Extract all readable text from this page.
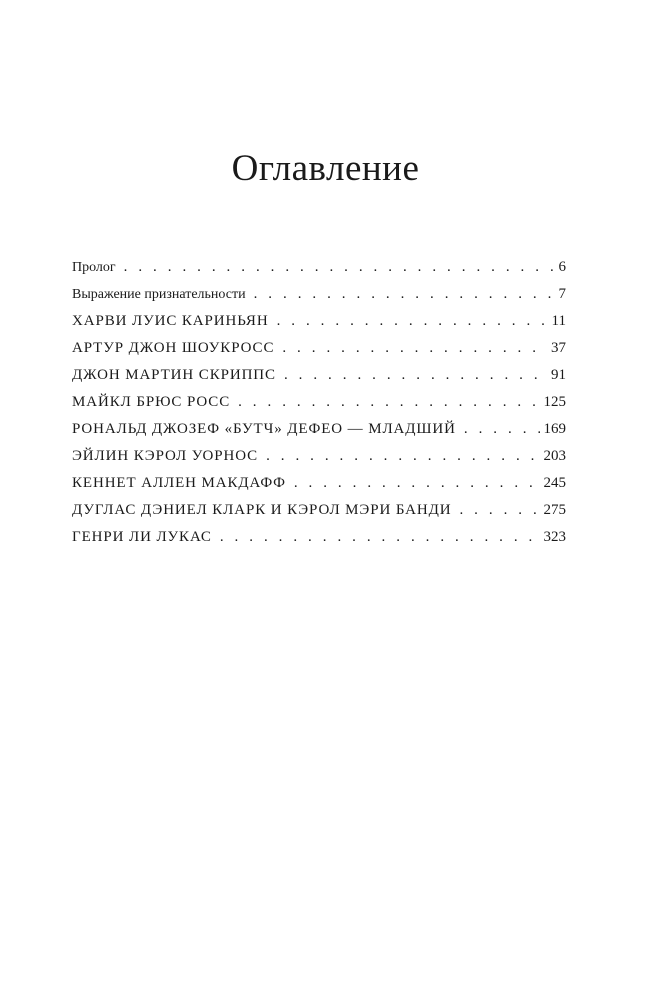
Оглавление
Пролог . . .	6
Выражение признательности . . .	7
ХАРВИ ЛУИС КАРИНЬЯН . . .	11
АРТУР ДЖОН ШОУКРОСС . . .	37
ДЖОН МАРТИН СКРИППС . . .	91
МАЙКЛ БРЮС РОСС . . .	125
РОНАЛЬД ДЖОЗЕФ «БУТЧ» ДЕФЕО — МЛАДШИЙ . . .	169
ЭЙЛИН КЭРОЛ УОРНОС . . .	203
КЕННЕТ АЛЛЕН МАКДАФФ . . .	245
ДУГЛАС ДЭНИЕЛ КЛАРК И КЭРОЛ МЭРИ БАНДИ . . .	275
ГЕНРИ ЛИ ЛУКАС . . .	323
